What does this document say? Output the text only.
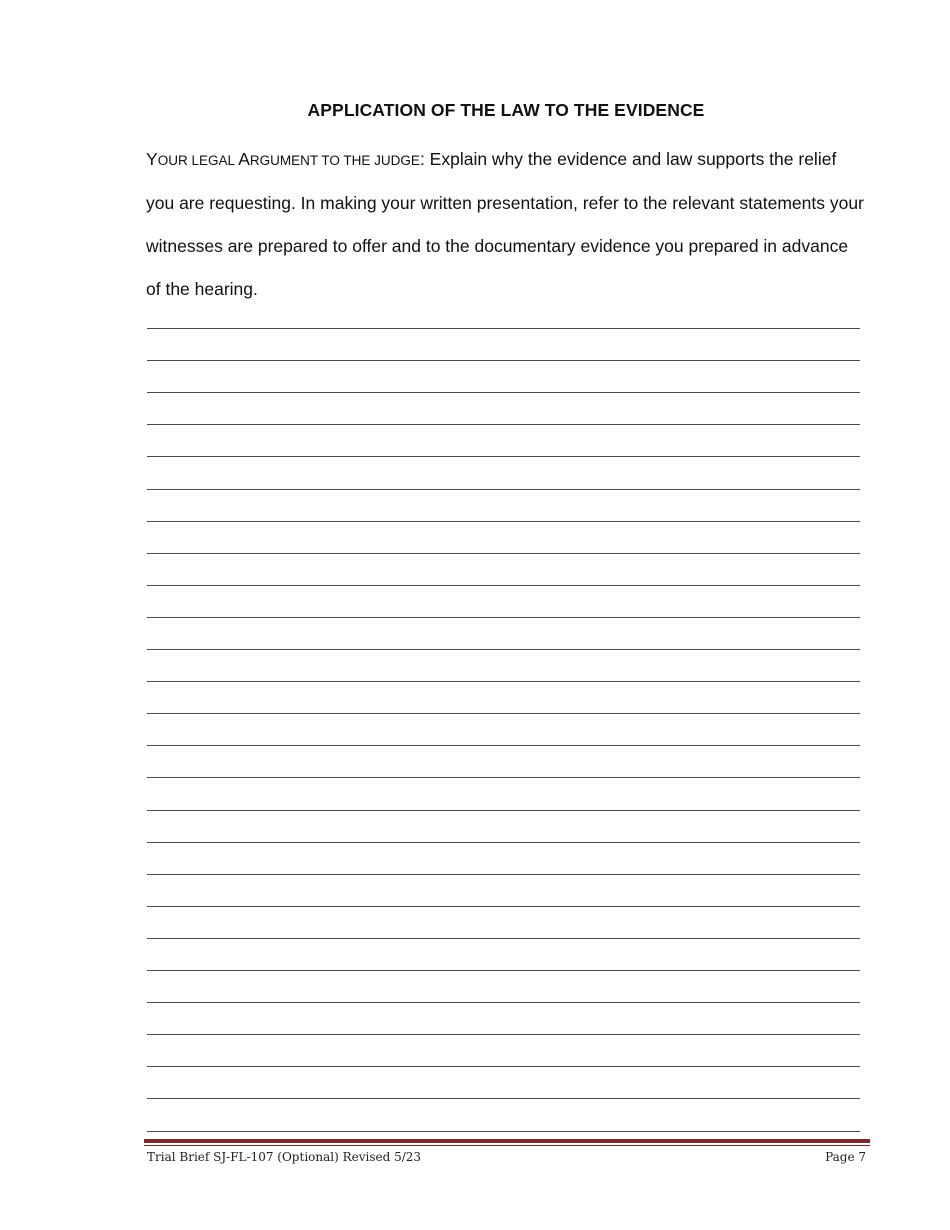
APPLICATION OF THE LAW TO THE EVIDENCE
YOUR LEGAL ARGUMENT TO THE JUDGE: Explain why the evidence and law supports the relief you are requesting. In making your written presentation, refer to the relevant statements your witnesses are prepared to offer and to the documentary evidence you prepared in advance of the hearing.
Trial Brief SJ-FL-107 (Optional) Revised 5/23	Page 7
